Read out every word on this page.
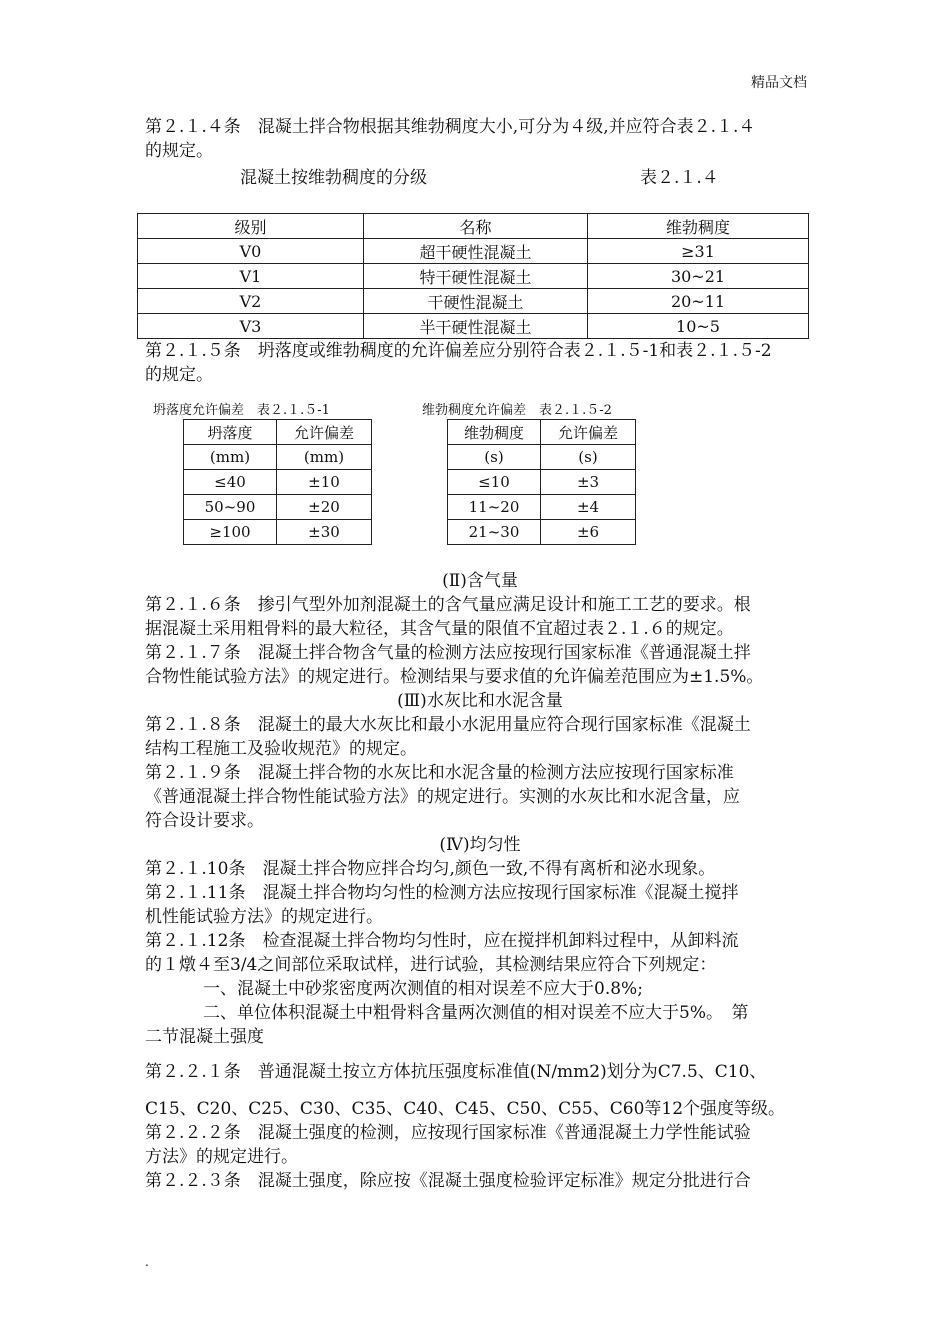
精品文档
第２.１.４条　混凝土拌合物根据其维勃稠度大小,可分为４级,并应符合表２.１.４
的规定。
混凝土按维勃稠度的分级	表２.１.４
级别	名称	维勃稠度
V0	超干硬性混凝土	≥31
V1	特干硬性混凝土	30~21
V2	干硬性混凝土	20~11
V3	半干硬性混凝土	10~5
第２.１.５条　坍落度或维勃稠度的允许偏差应分别符合表２.１.５-1和表２.１.５-2
的规定。
坍落度允许偏差　表２.１.５-1	维勃稠度允许偏差　表２.１.５-2
坍落度	允许偏差
(mm)	(mm)
≤40	±10
50~90	±20
≥100	±30
维勃稠度	允许偏差
(s)	(s)
≤10	±3
11~20	±4
21~30	±6
(Ⅱ)含气量
第２.１.６条　掺引气型外加剂混凝土的含气量应满足设计和施工工艺的要求。根
据混凝土采用粗骨料的最大粒径，其含气量的限值不宜超过表２.１.６的规定。
第２.１.７条　混凝土拌合物含气量的检测方法应按现行国家标准《普通混凝土拌
合物性能试验方法》的规定进行。检测结果与要求值的允许偏差范围应为±1.5%。
(Ⅲ)水灰比和水泥含量
第２.１.８条　混凝土的最大水灰比和最小水泥用量应符合现行国家标准《混凝土
结构工程施工及验收规范》的规定。
第２.１.９条　混凝土拌合物的水灰比和水泥含量的检测方法应按现行国家标准
《普通混凝土拌合物性能试验方法》的规定进行。实测的水灰比和水泥含量，应
符合设计要求。
(Ⅳ)均匀性
第２.１.10条　混凝土拌合物应拌合均匀,颜色一致,不得有离析和泌水现象。
第２.１.11条　混凝土拌合物均匀性的检测方法应按现行国家标准《混凝土搅拌
机性能试验方法》的规定进行。
第２.１.12条　检查混凝土拌合物均匀性时，应在搅拌机卸料过程中，从卸料流
的１燉４至3/4之间部位采取试样，进行试验，其检测结果应符合下列规定：
一、混凝土中砂浆密度两次测值的相对误差不应大于0.8%;
二、单位体积混凝土中粗骨料含量两次测值的相对误差不应大于5%。　第
二节混凝土强度
第２.２.１条　普通混凝土按立方体抗压强度标准值(N/mm2)划分为C7.5、C10、
C15、C20、C25、C30、C35、C40、C45、C50、C55、C60等12个强度等级。
第２.２.２条　混凝土强度的检测，应按现行国家标准《普通混凝土力学性能试验
方法》的规定进行。
第２.２.３条　混凝土强度，除应按《混凝土强度检验评定标准》规定分批进行合
.
